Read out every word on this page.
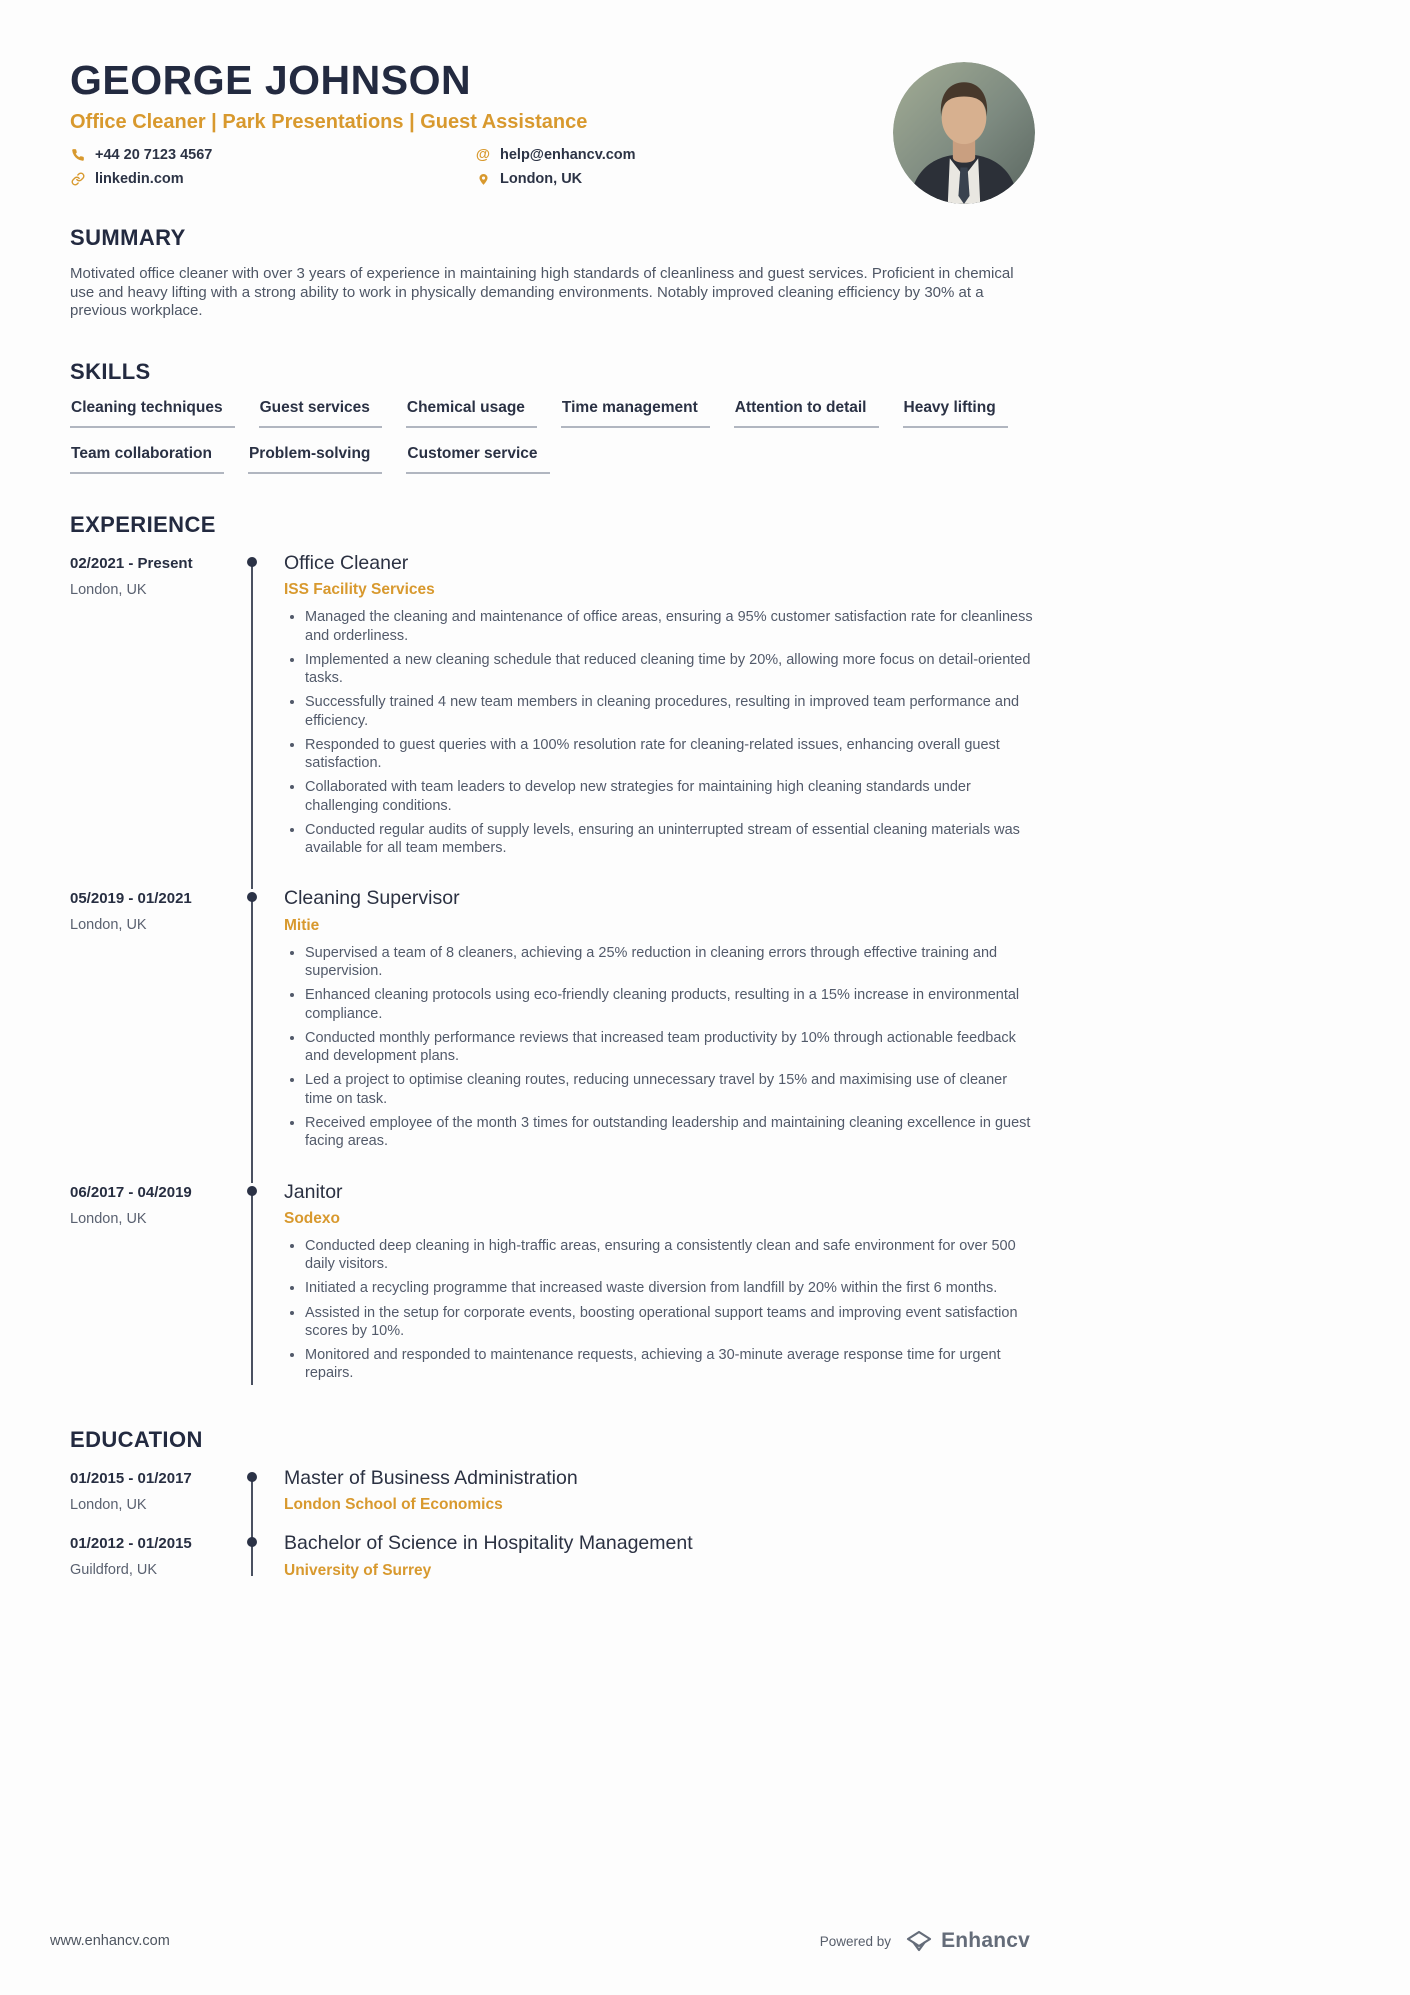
GEORGE JOHNSON
Office Cleaner | Park Presentations | Guest Assistance
+44 20 7123 4567	@ help@enhancv.com
linkedin.com	London, UK
SUMMARY

Motivated office cleaner with over 3 years of experience in maintaining high standards of cleanliness and guest services. Proficient in chemical use and heavy lifting with a strong ability to work in physically demanding environments. Notably improved cleaning efficiency by 30% at a previous workplace.

SKILLS
Cleaning techniques	Guest services	Chemical usage	Time management	Attention to detail	Heavy lifting
Team collaboration	Problem-solving	Customer service
EXPERIENCE
02/2021 - Present
London, UK
Office Cleaner
ISS Facility Services
• Managed the cleaning and maintenance of office areas, ensuring a 95% customer satisfaction rate for cleanliness and orderliness.
• Implemented a new cleaning schedule that reduced cleaning time by 20%, allowing more focus on detail-oriented tasks.
• Successfully trained 4 new team members in cleaning procedures, resulting in improved team performance and efficiency.
• Responded to guest queries with a 100% resolution rate for cleaning-related issues, enhancing overall guest satisfaction.
• Collaborated with team leaders to develop new strategies for maintaining high cleaning standards under challenging conditions.
• Conducted regular audits of supply levels, ensuring an uninterrupted stream of essential cleaning materials was available for all team members.
05/2019 - 01/2021
London, UK
Cleaning Supervisor
Mitie
• Supervised a team of 8 cleaners, achieving a 25% reduction in cleaning errors through effective training and supervision.
• Enhanced cleaning protocols using eco-friendly cleaning products, resulting in a 15% increase in environmental compliance.
• Conducted monthly performance reviews that increased team productivity by 10% through actionable feedback and development plans.
• Led a project to optimise cleaning routes, reducing unnecessary travel by 15% and maximising use of cleaner time on task.
• Received employee of the month 3 times for outstanding leadership and maintaining cleaning excellence in guest facing areas.
06/2017 - 04/2019
London, UK
Janitor
Sodexo
• Conducted deep cleaning in high-traffic areas, ensuring a consistently clean and safe environment for over 500 daily visitors.
• Initiated a recycling programme that increased waste diversion from landfill by 20% within the first 6 months.
• Assisted in the setup for corporate events, boosting operational support teams and improving event satisfaction scores by 10%.
• Monitored and responded to maintenance requests, achieving a 30-minute average response time for urgent repairs.
EDUCATION
01/2015 - 01/2017
London, UK
Master of Business Administration
London School of Economics
01/2012 - 01/2015
Guildford, UK
Bachelor of Science in Hospitality Management
University of Surrey
www.enhancv.com	Powered by Enhancv
